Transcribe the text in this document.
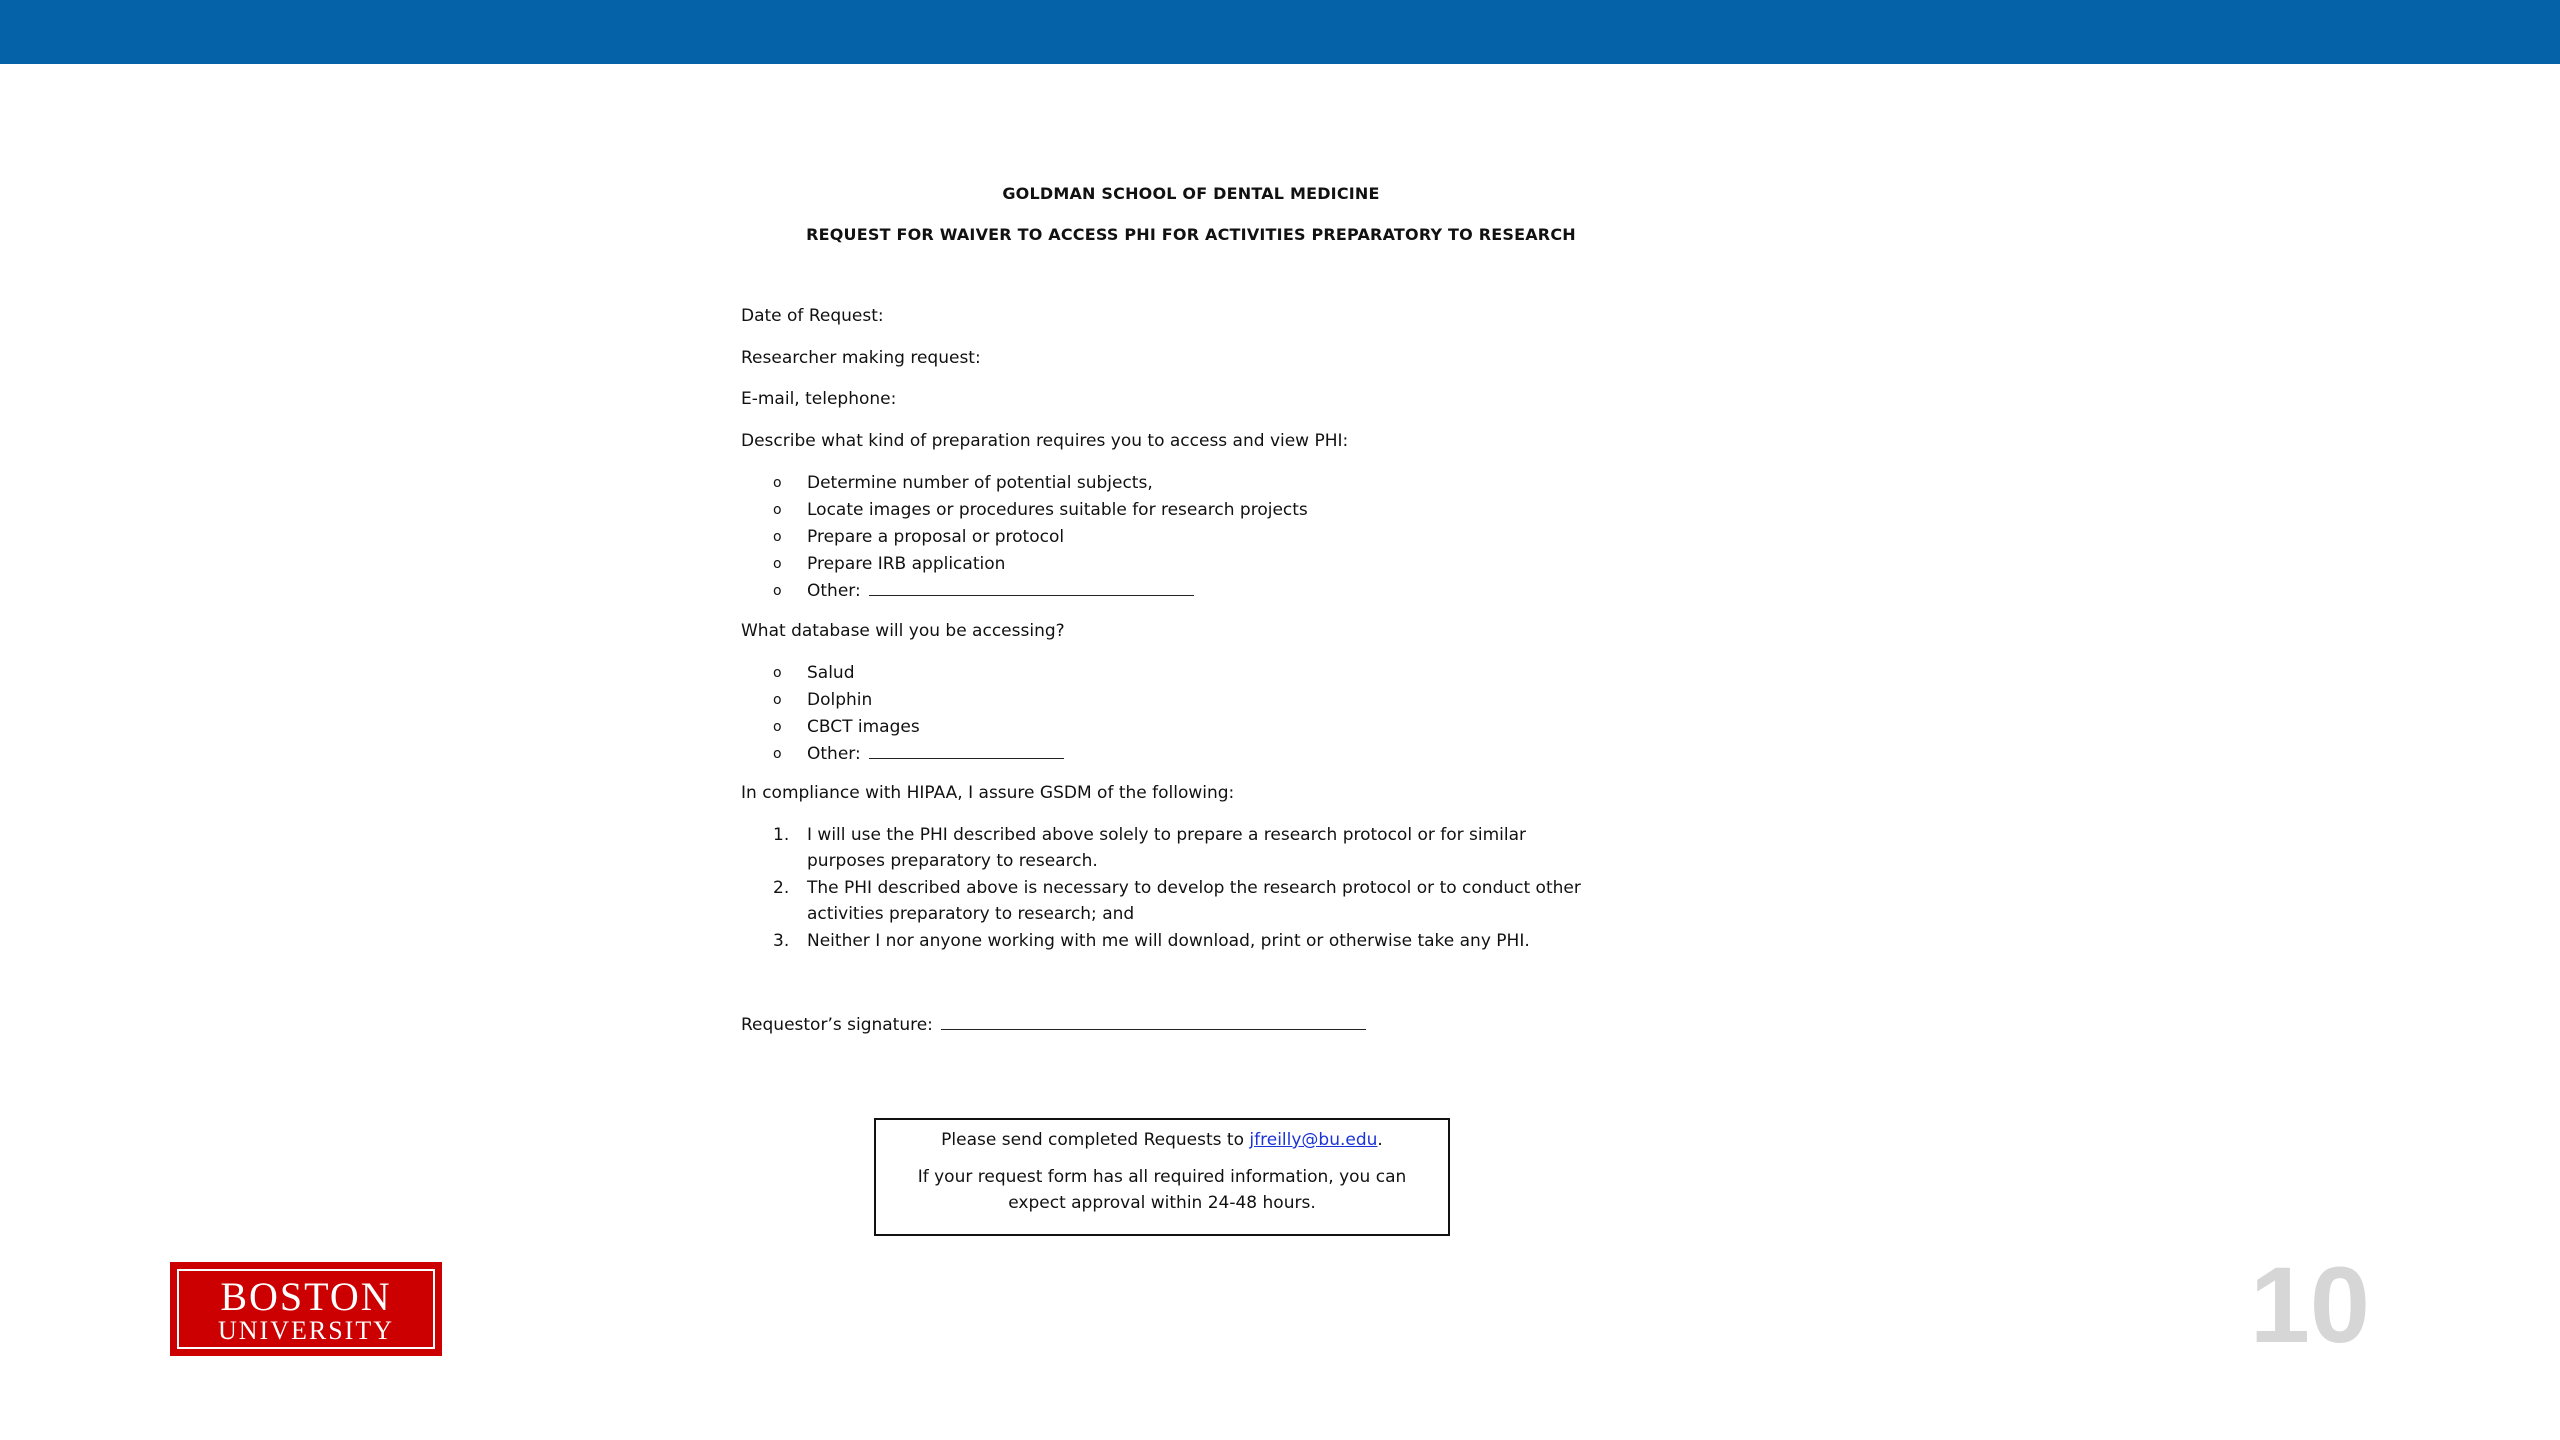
GOLDMAN SCHOOL OF DENTAL MEDICINE
REQUEST FOR WAIVER TO ACCESS PHI FOR ACTIVITIES PREPARATORY TO RESEARCH
Date of Request:
Researcher making request:
E-mail, telephone:
Describe what kind of preparation requires you to access and view PHI:
o Determine number of potential subjects,
o Locate images or procedures suitable for research projects
o Prepare a proposal or protocol
o Prepare IRB application
o Other:
What database will you be accessing?
o Salud
o Dolphin
o CBCT images
o Other:
In compliance with HIPAA, I assure GSDM of the following:
1. I will use the PHI described above solely to prepare a research protocol or for similar purposes preparatory to research.
2. The PHI described above is necessary to develop the research protocol or to conduct other activities preparatory to research; and
3. Neither I nor anyone working with me will download, print or otherwise take any PHI.
Requestor’s signature:

Please send completed Requests to jfreilly@bu.edu.

If your request form has all required information, you can expect approval within 24-48 hours.

BOSTON
UNIVERSITY	10
